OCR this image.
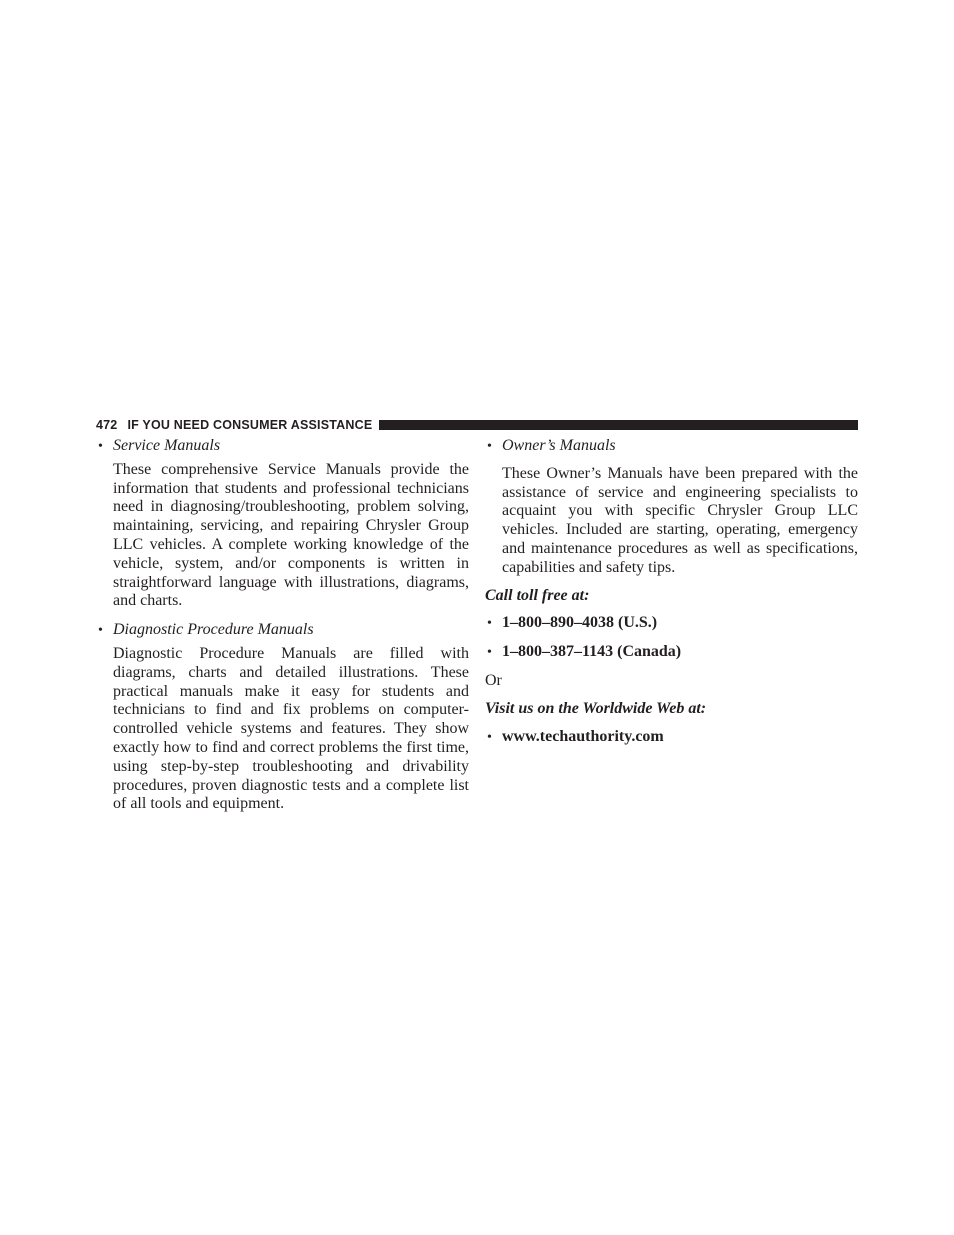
472 IF YOU NEED CONSUMER ASSISTANCE
• Service Manuals

These comprehensive Service Manuals provide the information that students and professional technicians need in diagnosing/troubleshooting, problem solving, maintaining, servicing, and repairing Chrysler Group LLC vehicles. A complete working knowledge of the vehicle, system, and/or components is written in straightforward language with illustrations, diagrams, and charts.

• Diagnostic Procedure Manuals

Diagnostic Procedure Manuals are filled with diagrams, charts and detailed illustrations. These practical manuals make it easy for students and technicians to find and fix problems on computer-controlled vehicle systems and features. They show exactly how to find and correct problems the first time, using step-by-step troubleshooting and drivability procedures, proven diagnostic tests and a complete list of all tools and equipment.

• Owner’s Manuals

These Owner’s Manuals have been prepared with the assistance of service and engineering specialists to acquaint you with specific Chrysler Group LLC vehicles. Included are starting, operating, emergency and maintenance procedures as well as specifications, capabilities and safety tips.

Call toll free at:

• 1–800–890–4038 (U.S.)
• 1–800–387–1143 (Canada)

Or

Visit us on the Worldwide Web at:

• www.techauthority.com
